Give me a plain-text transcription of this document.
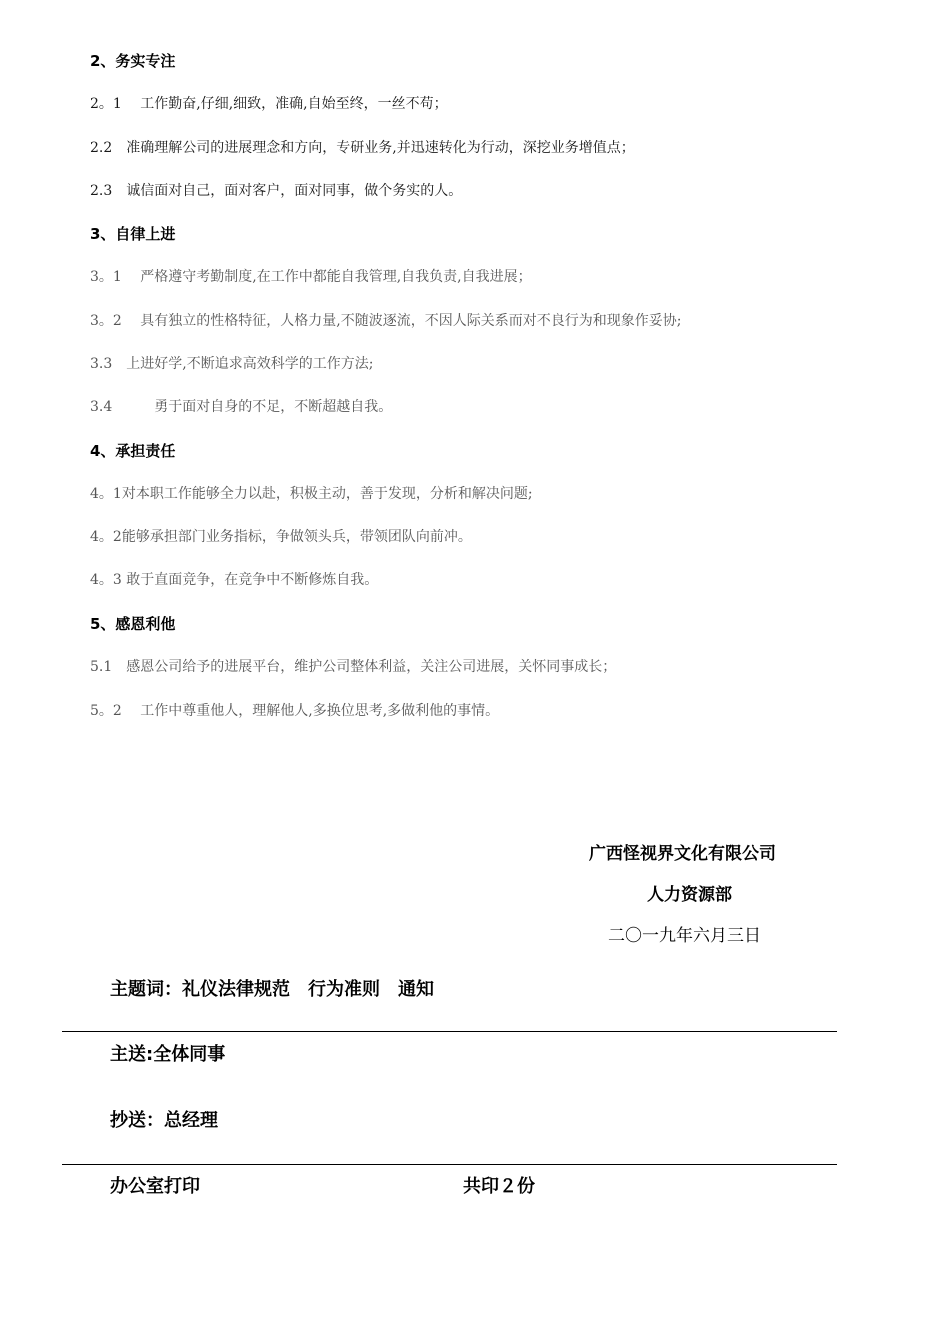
2、务实专注
2。1　 工作勤奋,仔细,细致，准确,自始至终，一丝不苟；
2.2　准确理解公司的进展理念和方向，专研业务,并迅速转化为行动，深挖业务增值点；
2.3　诚信面对自己，面对客户，面对同事，做个务实的人。
3、自律上进
3。1　 严格遵守考勤制度,在工作中都能自我管理,自我负责,自我进展；
3。2　 具有独立的性格特征，人格力量,不随波逐流，不因人际关系而对不良行为和现象作妥协;
3.3　上进好学,不断追求高效科学的工作方法;
3.4　　　勇于面对自身的不足，不断超越自我。
4、承担责任
4。1对本职工作能够全力以赴，积极主动，善于发现，分析和解决问题;
4。2能够承担部门业务指标，争做领头兵，带领团队向前冲。
4。3 敢于直面竞争，在竞争中不断修炼自我。
5、感恩利他
5.1　感恩公司给予的进展平台，维护公司整体利益，关注公司进展，关怀同事成长；
5。2　 工作中尊重他人，理解他人,多换位思考,多做利他的事情。
广西怪视界文化有限公司
人力资源部
二〇一九年六月三日
主题词：礼仪法律规范　行为准则　通知
主送:全体同事
抄送：总经理
办公室打印	共印２份
